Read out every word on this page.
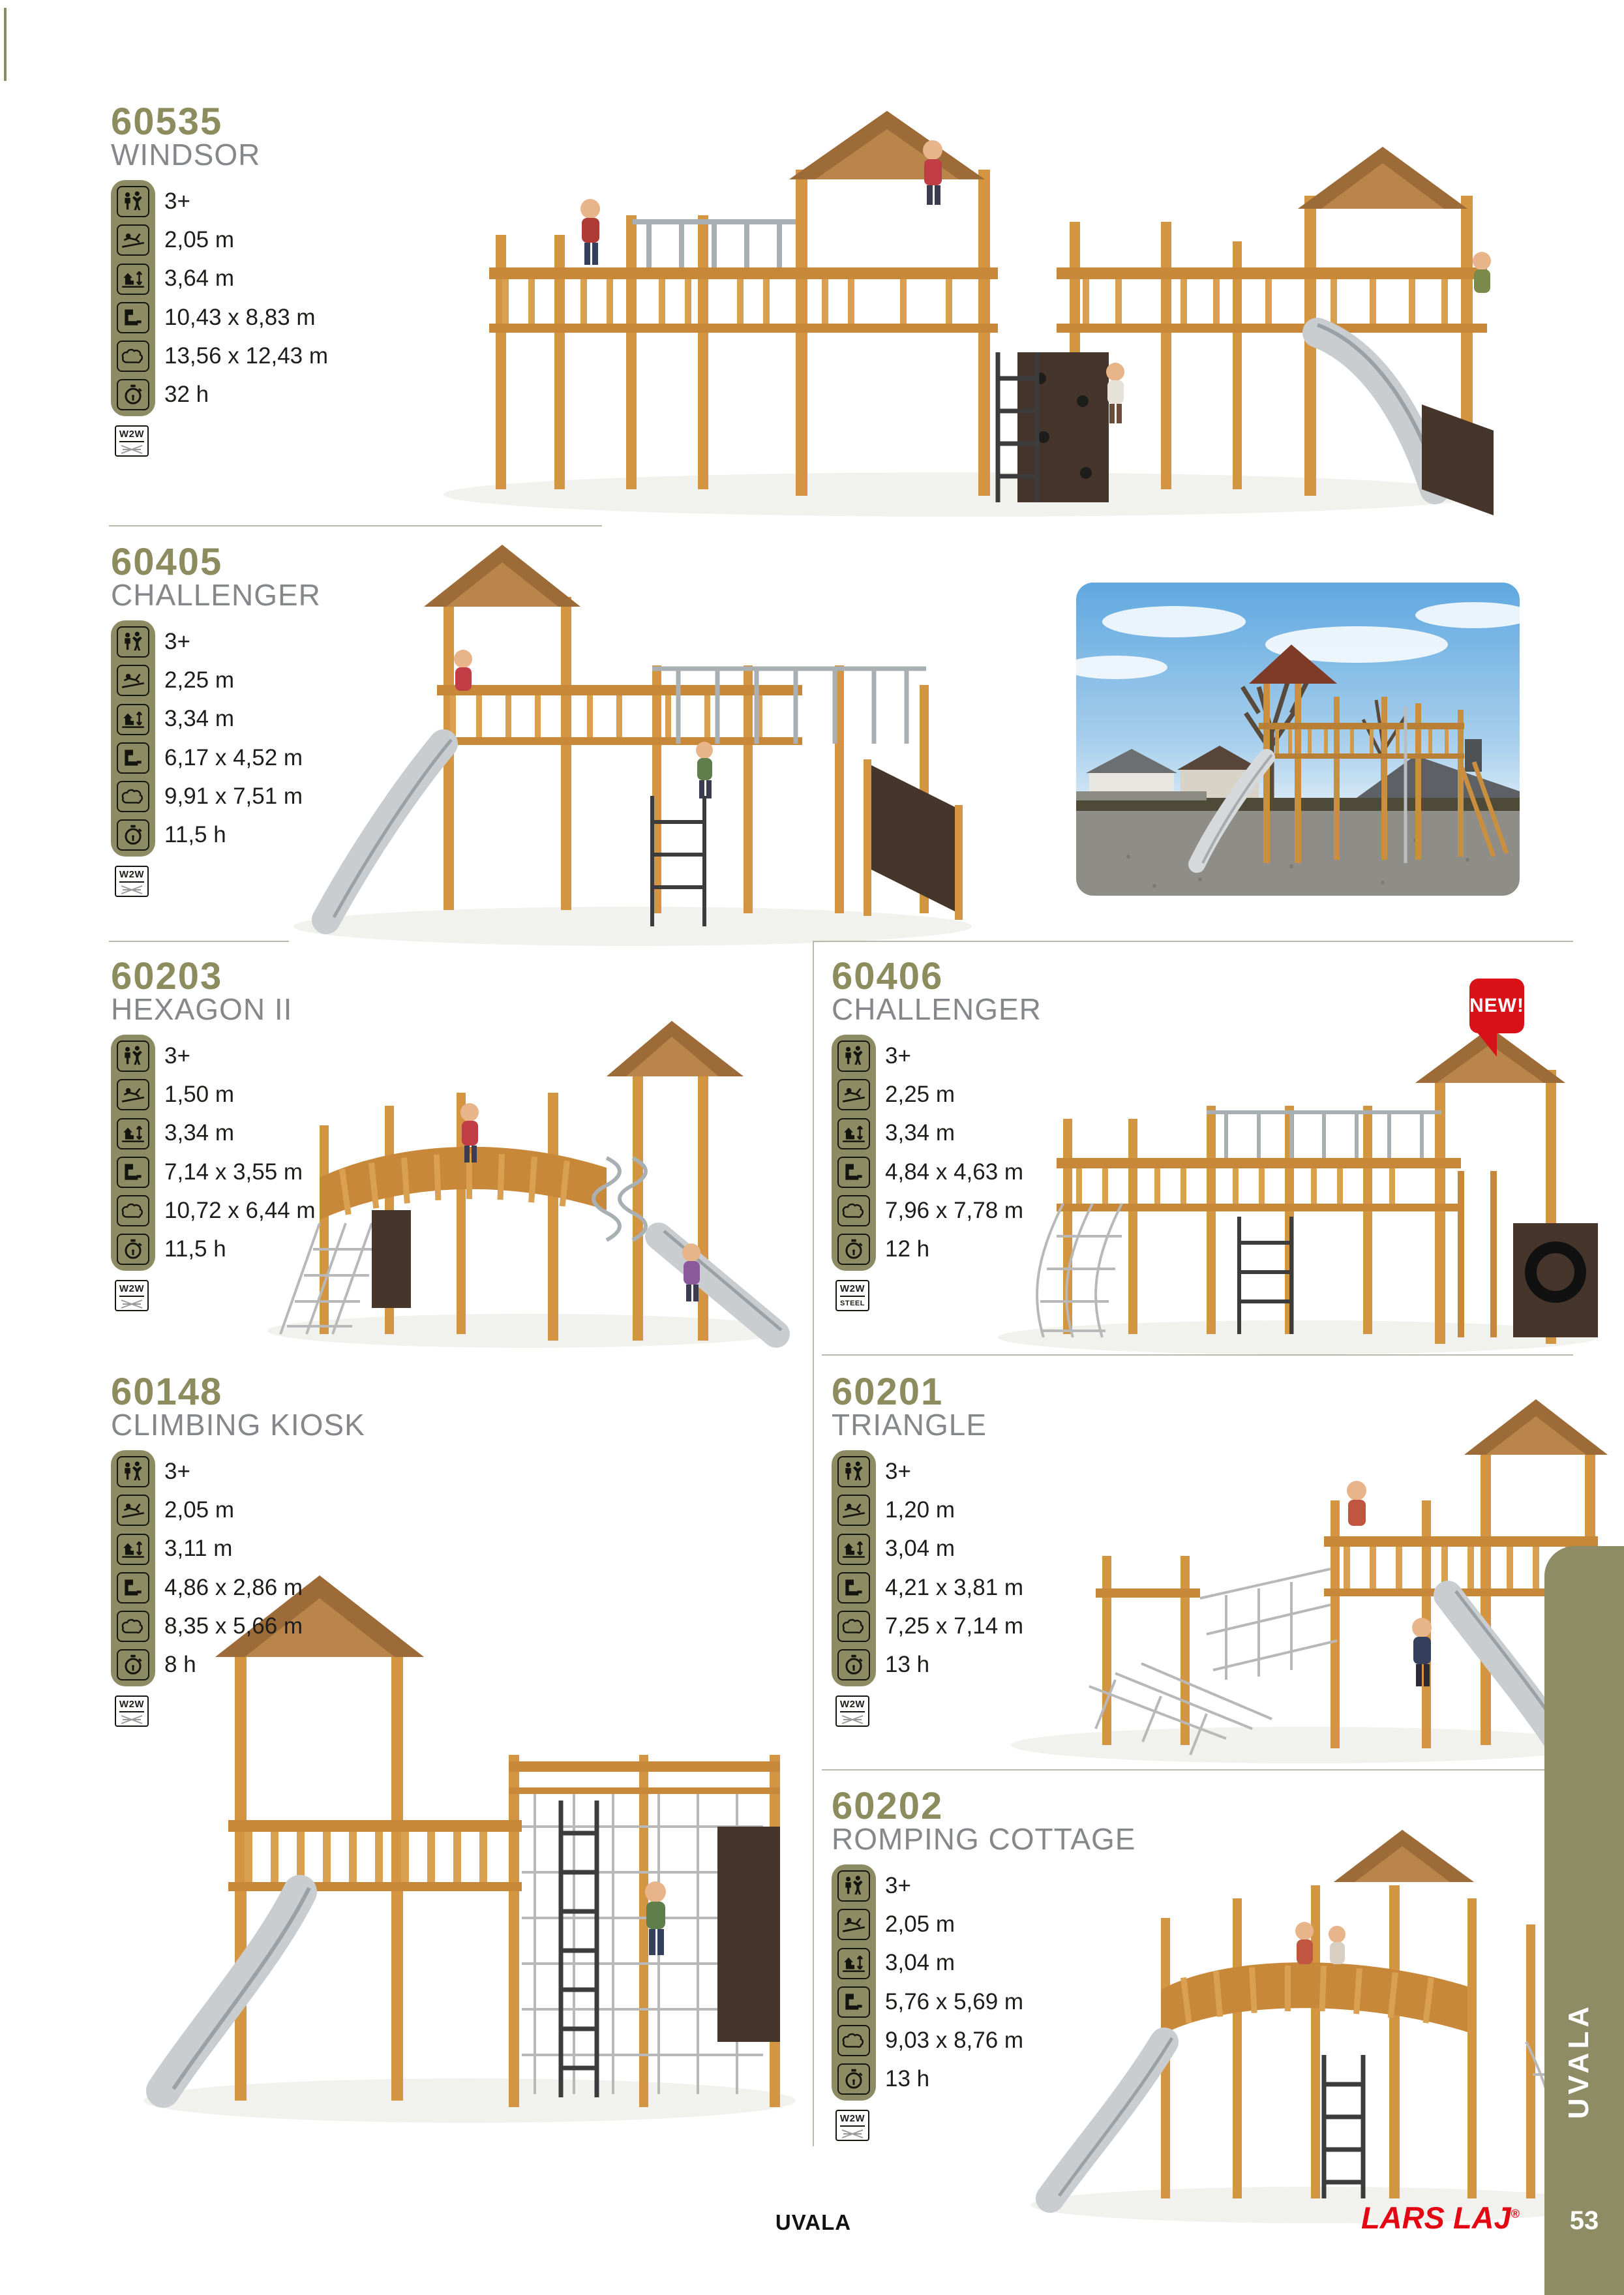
60535
WINDSOR
3+
2,05 m
3,64 m
10,43 x 8,83 m
13,56 x 12,43 m
32 h
W2W
60405
CHALLENGER
3+
2,25 m
3,34 m
6,17 x 4,52 m
9,91 x 7,51 m
11,5 h
W2W
60203
HEXAGON II
3+
1,50 m
3,34 m
7,14 x 3,55 m
10,72 x 6,44 m
11,5 h
W2W
60406
CHALLENGER
3+
2,25 m
3,34 m
4,84 x 4,63 m
7,96 x 7,78 m
12 h
W2W
STEEL
NEW!
60148
CLIMBING KIOSK
3+
2,05 m
3,11 m
4,86 x 2,86 m
8,35 x 5,66 m
8 h
W2W
60201
TRIANGLE
3+
1,20 m
3,04 m
4,21 x 3,81 m
7,25 x 7,14 m
13 h
W2W
60202
ROMPING COTTAGE
3+
2,05 m
3,04 m
5,76 x 5,69 m
9,03 x 8,76 m
13 h
W2W	UVALA
53
UVALA	LARS LAJ®
